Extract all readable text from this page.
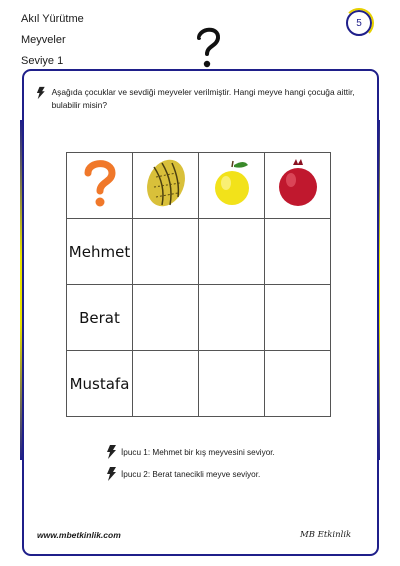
Akıl Yürütme
Meyveler
Seviye 1
5
Aşağıda çocuklar ve sevdiği meyveler verilmiştir. Hangi meyve hangi çocuğa aittir, bulabilir misin?

Mehmet			
Berat			
Mustafa			
İpucu 1: Mehmet bir kış meyvesini seviyor.
İpucu 2: Berat tanecikli meyve seviyor.
www.mbetkinlik.com	MB Etkinlik
